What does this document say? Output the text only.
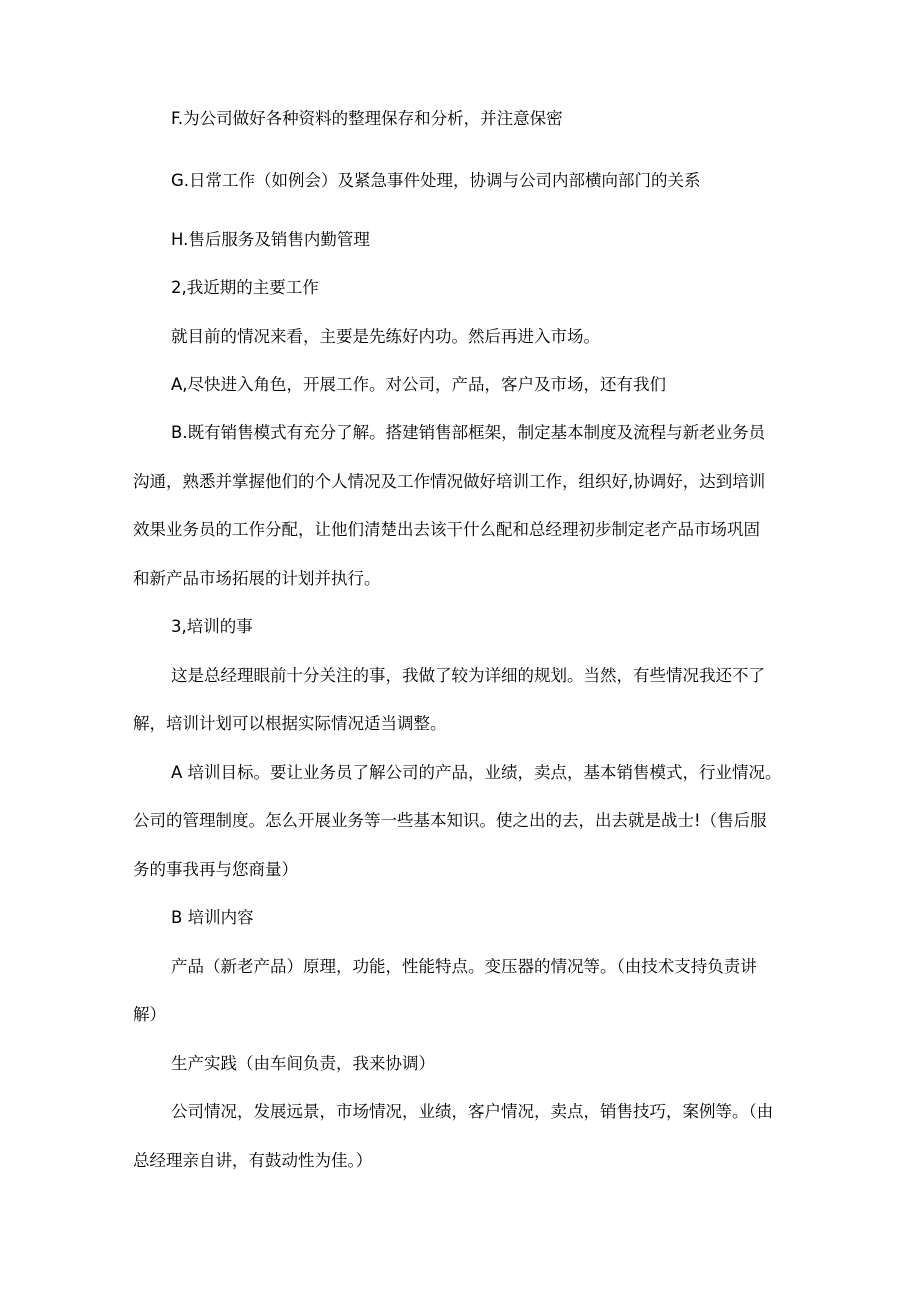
F.为公司做好各种资料的整理保存和分析，并注意保密
G.日常工作（如例会）及紧急事件处理，协调与公司内部横向部门的关系
H.售后服务及销售内勤管理
2,我近期的主要工作
就目前的情况来看，主要是先练好内功。然后再进入市场。
A,尽快进入角色，开展工作。对公司，产品，客户及市场，还有我们
B.既有销售模式有充分了解。搭建销售部框架，制定基本制度及流程与新老业务员
沟通，熟悉并掌握他们的个人情况及工作情况做好培训工作，组织好,协调好，达到培训
效果业务员的工作分配，让他们清楚出去该干什么配和总经理初步制定老产品市场巩固
和新产品市场拓展的计划并执行。
3,培训的事
这是总经理眼前十分关注的事，我做了较为详细的规划。当然，有些情况我还不了
解，培训计划可以根据实际情况适当调整。
A 培训目标。要让业务员了解公司的产品，业绩，卖点，基本销售模式，行业情况。
公司的管理制度。怎么开展业务等一些基本知识。使之出的去，出去就是战士!（售后服
务的事我再与您商量）
B 培训内容
产品（新老产品）原理，功能，性能特点。变压器的情况等。（由技术支持负责讲
解）
生产实践（由车间负责，我来协调）
公司情况，发展远景，市场情况，业绩，客户情况，卖点，销售技巧，案例等。（由
总经理亲自讲，有鼓动性为佳。）
